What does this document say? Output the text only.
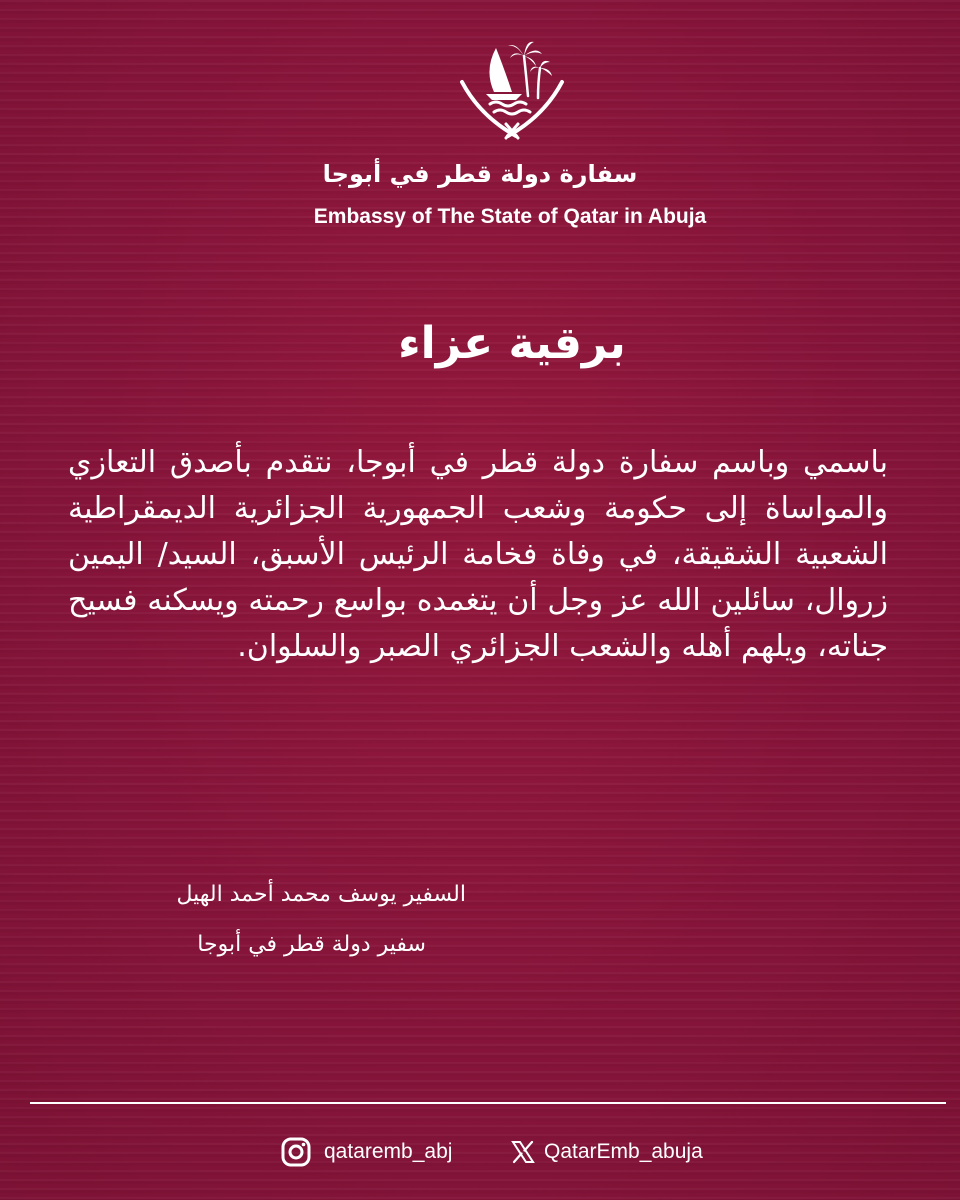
سفارة دولة قطر في أبوجا
Embassy of The State of Qatar in Abuja
برقية عزاء
باسمي وباسم سفارة دولة قطر في أبوجا، نتقدم بأصدق التعازي والمواساة إلى حكومة وشعب الجمهورية الجزائرية الديمقراطية الشعبية الشقيقة، في وفاة فخامة الرئيس الأسبق، السيد/ اليمين زروال، سائلين الله عز وجل أن يتغمده بواسع رحمته ويسكنه فسيح جناته، ويلهم أهله والشعب الجزائري الصبر والسلوان.
السفير يوسف محمد أحمد الهيل
سفير دولة قطر في أبوجا
qataremb_abj	QatarEmb_abuja
